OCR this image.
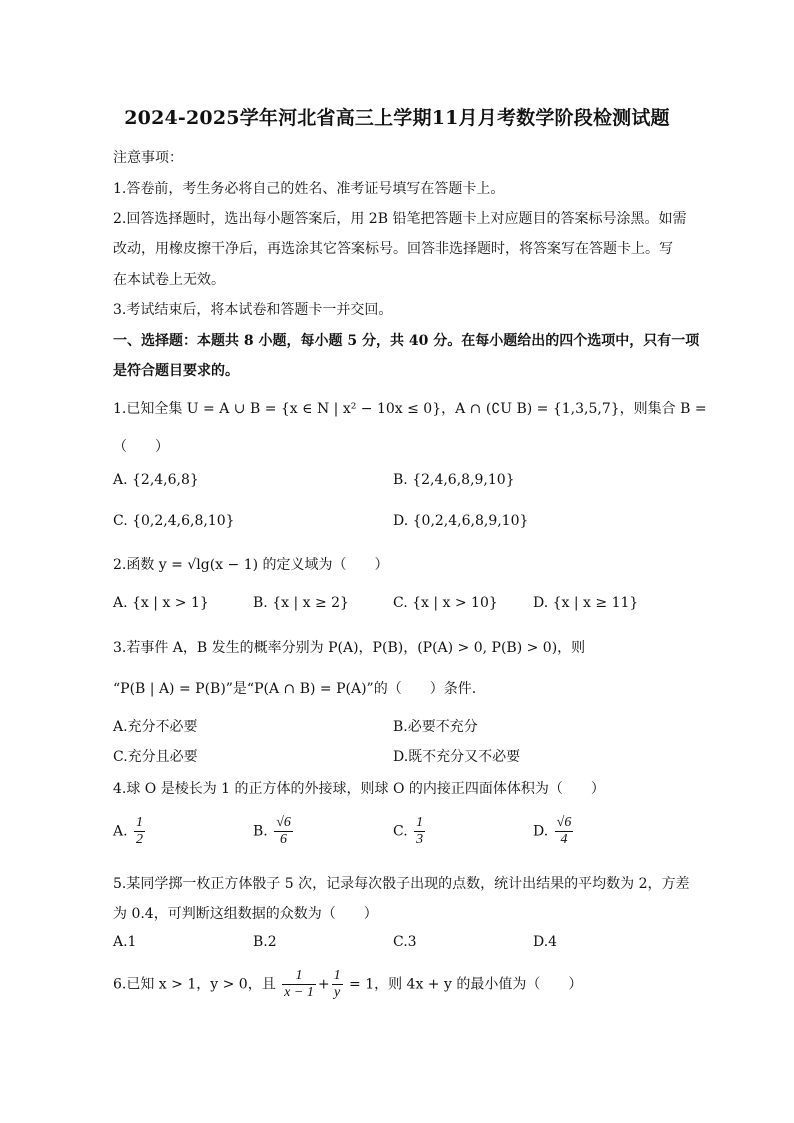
2024-2025学年河北省高三上学期11月月考数学阶段检测试题
注意事项：
1.答卷前，考生务必将自己的姓名、准考证号填写在答题卡上。
2.回答选择题时，选出每小题答案后，用 2B 铅笔把答题卡上对应题目的答案标号涂黑。如需
改动，用橡皮擦干净后，再选涂其它答案标号。回答非选择题时，将答案写在答题卡上。写
在本试卷上无效。
3.考试结束后，将本试卷和答题卡一并交回。
一、选择题：本题共 8 小题，每小题 5 分，共 40 分。在每小题给出的四个选项中，只有一项
是符合题目要求的。
1.已知全集 U = A ∪ B = {x ∈ N | x² − 10x ≤ 0}，A ∩ (∁U B) = {1,3,5,7}，则集合 B =
（　　）
A. {2,4,6,8}	B. {2,4,6,8,9,10}
C. {0,2,4,6,8,10}	D. {0,2,4,6,8,9,10}
2.函数 y = √lg(x − 1) 的定义域为（　　）
A. {x | x > 1}	B. {x | x ≥ 2}	C. {x | x > 10}	D. {x | x ≥ 11}
3.若事件 A，B 发生的概率分别为 P(A)，P(B)，(P(A) > 0, P(B) > 0)，则
“P(B | A) = P(B)”是“P(A ∩ B) = P(A)”的（　　）条件.
A.充分不必要	B.必要不充分
C.充分且必要	D.既不充分又不必要
4.球 O 是棱长为 1 的正方体的外接球，则球 O 的内接正四面体体积为（　　）
A. $\frac{1}{2}$	B. $\frac{√6}{6}$	C. $\frac{1}{3}$	D. $\frac{√6}{4}$
5.某同学掷一枚正方体骰子 5 次，记录每次骰子出现的点数，统计出结果的平均数为 2，方差
为 0.4，可判断这组数据的众数为（　　）
A.1	B.2	C.3	D.4
6.已知 x > 1，y > 0，且 $\frac{1}{x - 1} + \frac{1}{y} = 1$，则 4x + y 的最小值为（　　）
